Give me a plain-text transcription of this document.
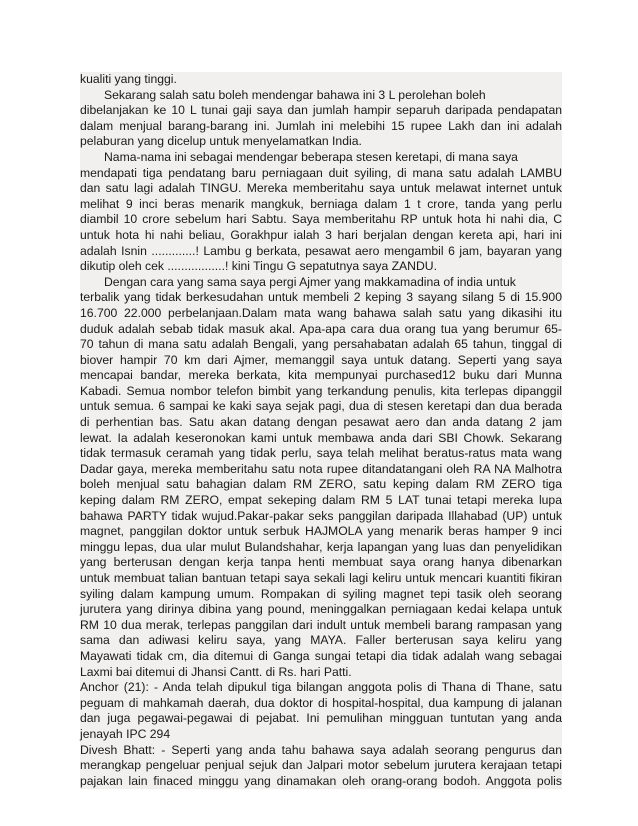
kualiti yang tinggi.
Sekarang salah satu boleh mendengar bahawa ini 3 L perolehan boleh
dibelanjakan ke 10 L tunai gaji saya dan jumlah hampir separuh daripada pendapatan
dalam menjual barang-barang ini. Jumlah ini melebihi 15 rupee Lakh dan ini adalah
pelaburan yang dicelup untuk menyelamatkan India.
Nama-nama ini sebagai mendengar beberapa stesen keretapi, di mana saya
mendapati tiga pendatang baru perniagaan duit syiling, di mana satu adalah LAMBU
dan satu lagi adalah TINGU. Mereka memberitahu saya untuk melawat internet untuk
melihat 9 inci beras menarik mangkuk, berniaga dalam 1 t crore, tanda yang perlu
diambil 10 crore sebelum hari Sabtu. Saya memberitahu RP untuk hota hi nahi dia, C
untuk hota hi nahi beliau, Gorakhpur ialah 3 hari berjalan dengan kereta api, hari ini
adalah Isnin .............! Lambu g berkata, pesawat aero mengambil 6 jam, bayaran yang
dikutip oleh cek .................! kini Tingu G sepatutnya saya ZANDU.
Dengan cara yang sama saya pergi Ajmer yang makkamadina of india untuk
terbalik yang tidak berkesudahan untuk membeli 2 keping 3 sayang silang 5 di 15.900
16.700 22.000 perbelanjaan.Dalam mata wang bahawa salah satu yang dikasihi itu
duduk adalah sebab tidak masuk akal. Apa-apa cara dua orang tua yang berumur 65-
70 tahun di mana satu adalah Bengali, yang persahabatan adalah 65 tahun, tinggal di
biover hampir 70 km dari Ajmer, memanggil saya untuk datang. Seperti yang saya
mencapai bandar, mereka berkata, kita mempunyai purchased12 buku dari Munna
Kabadi. Semua nombor telefon bimbit yang terkandung penulis, kita terlepas dipanggil
untuk semua. 6 sampai ke kaki saya sejak pagi, dua di stesen keretapi dan dua berada
di perhentian bas. Satu akan datang dengan pesawat aero dan anda datang 2 jam
lewat. Ia adalah keseronokan kami untuk membawa anda dari SBI Chowk. Sekarang
tidak termasuk ceramah yang tidak perlu, saya telah melihat beratus-ratus mata wang
Dadar gaya, mereka memberitahu satu nota rupee ditandatangani oleh RA NA Malhotra
boleh menjual satu bahagian dalam RM ZERO, satu keping dalam RM ZERO tiga
keping dalam RM ZERO, empat sekeping dalam RM 5 LAT tunai tetapi mereka lupa
bahawa PARTY tidak wujud.Pakar-pakar seks panggilan daripada Illahabad (UP) untuk
magnet, panggilan doktor untuk serbuk HAJMOLA yang menarik beras hamper 9 inci
minggu lepas, dua ular mulut Bulandshahar, kerja lapangan yang luas dan penyelidikan
yang berterusan dengan kerja tanpa henti membuat saya orang hanya dibenarkan
untuk membuat talian bantuan tetapi saya sekali lagi keliru untuk mencari kuantiti fikiran
syiling dalam kampung umum. Rompakan di syiling magnet tepi tasik oleh seorang
jurutera yang dirinya dibina yang pound, meninggalkan perniagaan kedai kelapa untuk
RM 10 dua merak, terlepas panggilan dari indult untuk membeli barang rampasan yang
sama dan adiwasi keliru saya, yang MAYA. Faller berterusan saya keliru yang
Mayawati tidak cm, dia ditemui di Ganga sungai tetapi dia tidak adalah wang sebagai
Laxmi bai ditemui di Jhansi Cantt. di Rs. hari Patti.
Anchor (21): - Anda telah dipukul tiga bilangan anggota polis di Thana di Thane, satu
peguam di mahkamah daerah, dua doktor di hospital-hospital, dua kampung di jalanan
dan juga pegawai-pegawai di pejabat. Ini pemulihan mingguan tuntutan yang anda
jenayah IPC 294
Divesh Bhatt: - Seperti yang anda tahu bahawa saya adalah seorang pengurus dan
merangkap pengeluar penjual sejuk dan Jalpari motor sebelum jurutera kerajaan tetapi
pajakan lain finaced minggu yang dinamakan oleh orang-orang bodoh. Anggota polis
